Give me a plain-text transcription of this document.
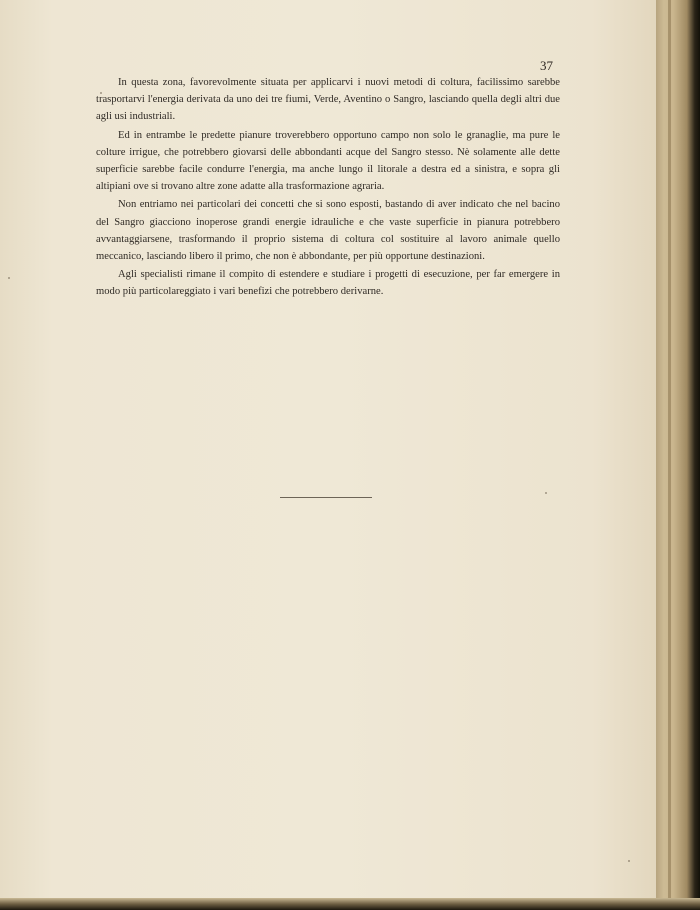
37

In questa zona, favorevolmente situata per applicarvi i nuovi metodi di coltura, facilissimo sarebbe trasportarvi l'energia derivata da uno dei tre fiumi, Verde, Aventino o Sangro, lasciando quella degli altri due agli usi industriali.

Ed in entrambe le predette pianure troverebbero opportuno campo non solo le granaglie, ma pure le colture irrigue, che potrebbero giovarsi delle abbondanti acque del Sangro stesso. Nè solamente alle dette superficie sarebbe facile condurre l'energia, ma anche lungo il litorale a destra ed a sinistra, e sopra gli altipiani ove si trovano altre zone adatte alla trasformazione agraria.

Non entriamo nei particolari dei concetti che si sono esposti, bastando di aver indicato che nel bacino del Sangro giacciono inoperose grandi energie idrauliche e che vaste superficie in pianura potrebbero avvantaggiarsene, trasformando il proprio sistema di coltura col sostituire al lavoro animale quello meccanico, lasciando libero il primo, che non è abbondante, per più opportune destinazioni.

Agli specialisti rimane il compito di estendere e studiare i progetti di esecuzione, per far emergere in modo più particolareggiato i vari benefizi che potrebbero derivarne.
